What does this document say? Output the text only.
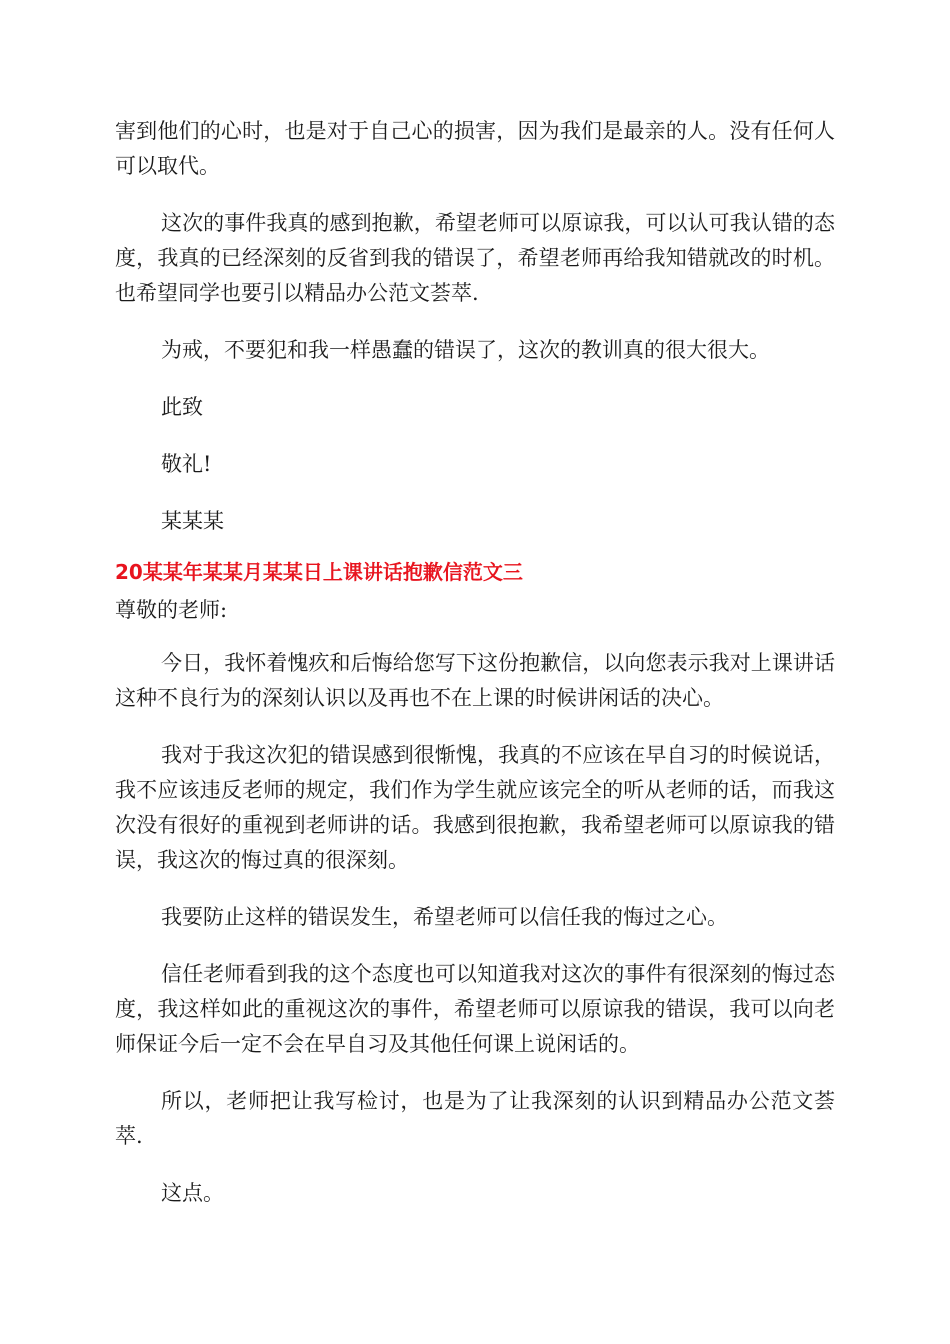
害到他们的心时，也是对于自己心的损害，因为我们是最亲的人。没有任何人可以取代。

这次的事件我真的感到抱歉，希望老师可以原谅我，可以认可我认错的态度，我真的已经深刻的反省到我的错误了，希望老师再给我知错就改的时机。也希望同学也要引以精品办公范文荟萃.

为戒，不要犯和我一样愚蠢的错误了，这次的教训真的很大很大。

此致

敬礼!

某某某

20某某年某某月某某日上课讲话抱歉信范文三

尊敬的老师:

今日，我怀着愧疚和后悔给您写下这份抱歉信，以向您表示我对上课讲话这种不良行为的深刻认识以及再也不在上课的时候讲闲话的决心。

我对于我这次犯的错误感到很惭愧，我真的不应该在早自习的时候说话，我不应该违反老师的规定，我们作为学生就应该完全的听从老师的话，而我这次没有很好的重视到老师讲的话。我感到很抱歉，我希望老师可以原谅我的错误，我这次的悔过真的很深刻。

我要防止这样的错误发生，希望老师可以信任我的悔过之心。

信任老师看到我的这个态度也可以知道我对这次的事件有很深刻的悔过态度，我这样如此的重视这次的事件，希望老师可以原谅我的错误，我可以向老师保证今后一定不会在早自习及其他任何课上说闲话的。

所以，老师把让我写检讨，也是为了让我深刻的认识到精品办公范文荟萃.

这点。
